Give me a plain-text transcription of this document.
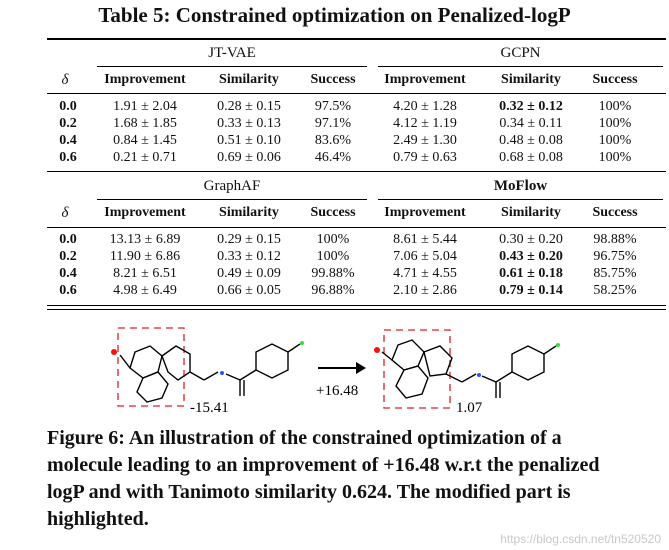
Table 5: Constrained optimization on Penalized-logP
JT-VAE	GCPN
δ	Improvement	Similarity	Success	Improvement	Similarity	Success
0.0	1.91 ± 2.04	0.28 ± 0.15	97.5%	4.20 ± 1.28	0.32 ± 0.12	100%
0.2	1.68 ± 1.85	0.33 ± 0.13	97.1%	4.12 ± 1.19	0.34 ± 0.11	100%
0.4	0.84 ± 1.45	0.51 ± 0.10	83.6%	2.49 ± 1.30	0.48 ± 0.08	100%
0.6	0.21 ± 0.71	0.69 ± 0.06	46.4%	0.79 ± 0.63	0.68 ± 0.08	100%
GraphAF	MoFlow
δ	Improvement	Similarity	Success	Improvement	Similarity	Success
0.0	13.13 ± 6.89	0.29 ± 0.15	100%	8.61 ± 5.44	0.30 ± 0.20	98.88%
0.2	11.90 ± 6.86	0.33 ± 0.12	100%	7.06 ± 5.04	0.43 ± 0.20	96.75%
0.4	8.21 ± 6.51	0.49 ± 0.09	99.88%	4.71 ± 4.55	0.61 ± 0.18	85.75%
0.6	4.98 ± 6.49	0.66 ± 0.05	96.88%	2.10 ± 2.86	0.79 ± 0.14	58.25%
-15.41
+16.48
1.07
Figure 6: An illustration of the constrained optimization of a molecule leading to an improvement of +16.48 w.r.t the penalized logP and with Tanimoto similarity 0.624. The modified part is highlighted.
https://blog.csdn.net/tn520520
